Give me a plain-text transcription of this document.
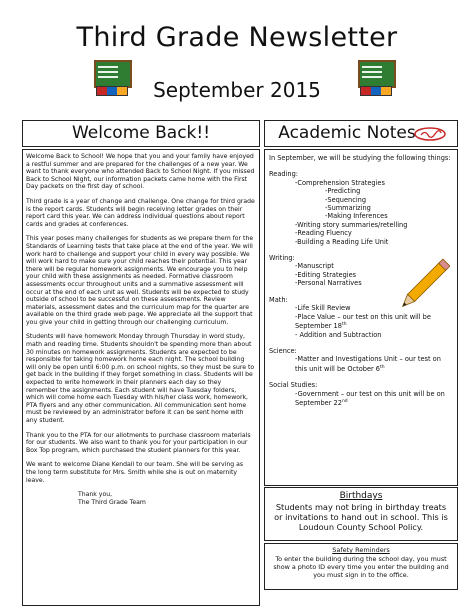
Third Grade Newsletter
September 2015
Welcome Back!!	Academic Notes

Welcome Back to School! We hope that you and your family have enjoyed a restful summer and are prepared for the challenges of a new year. We want to thank everyone who attended Back to School Night. If you missed Back to School Night, our information packets came home with the First Day packets on the first day of school.

Third grade is a year of change and challenge. One change for third grade is the report cards. Students will begin receiving letter grades on their report card this year. We can address individual questions about report cards and grades at conferences.

This year poses many challenges for students as we prepare them for the Standards of Learning tests that take place at the end of the year. We will work hard to challenge and support your child in every way possible. We will work hard to make sure your child reaches their potential. This year there will be regular homework assignments. We encourage you to help your child with these assignments as needed. Formative classroom assessments occur throughout units and a summative assessment will occur at the end of each unit as well. Students will be expected to study outside of school to be successful on these assessments. Review materials, assessment dates and the curriculum map for the quarter are available on the third grade web page. We appreciate all the support that you give your child in getting through our challenging curriculum.

Students will have homework Monday through Thursday in word study, math and reading time. Students shouldn't be spending more than about 30 minutes on homework assignments. Students are expected to be responsible for taking homework home each night. The school building will only be open until 6:00 p.m. on school nights, so they must be sure to get back in the building if they forget something in class. Students will be expected to write homework in their planners each day so they remember the assignments. Each student will have Tuesday folders, which will come home each Tuesday with his/her class work, homework, PTA flyers and any other communication. All communication sent home must be reviewed by an administrator before it can be sent home with any student.

Thank you to the PTA for our allotments to purchase classroom materials for our students. We also want to thank you for your participation in our Box Top program, which purchased the student planners for this year.

We want to welcome Diane Kendall to our team. She will be serving as the long term substitute for Mrs. Smith while she is out on maternity leave.

Thank you,
The Third Grade Team
In September, we will be studying the following things:
Reading:
-Comprehension Strategies
-Predicting
-Sequencing
-Summarizing
-Making Inferences
-Writing story summaries/retelling
-Reading Fluency
-Building a Reading Life Unit
Writing:
-Manuscript
-Editing Strategies
-Personal Narratives
Math:
-Life Skill Review
-Place Value – our test on this unit will be September 18th
- Addition and Subtraction
Science:
-Matter and Investigations Unit – our test on this unit will be October 6th
Social Studies:
-Government – our test on this unit will be on September 22nd
Birthdays
Students may not bring in birthday treats or invitations to hand out in school. This is Loudoun County School Policy.
Safety Reminders
To enter the building during the school day, you must show a photo ID every time you enter the building and you must sign in to the office.
